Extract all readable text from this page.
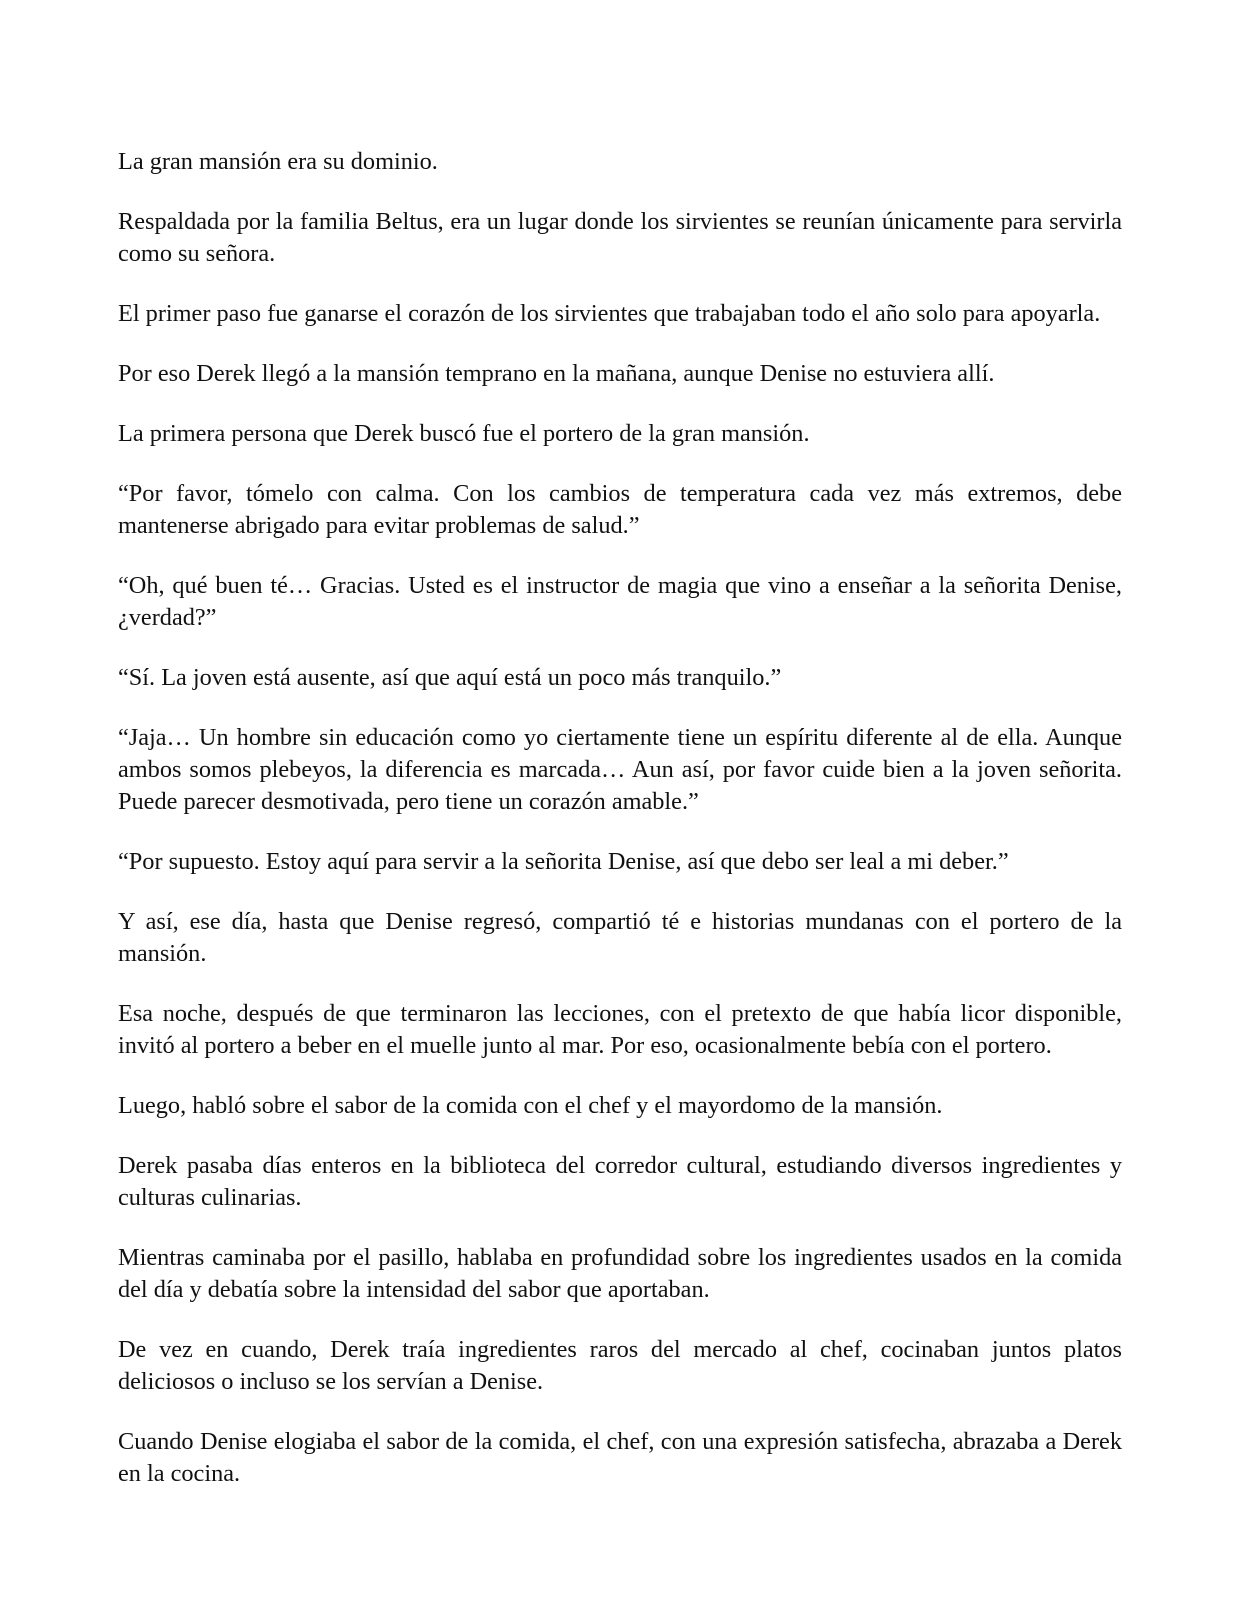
La gran mansión era su dominio.

Respaldada por la familia Beltus, era un lugar donde los sirvientes se reunían únicamente para servirla como su señora.

El primer paso fue ganarse el corazón de los sirvientes que trabajaban todo el año solo para apoyarla.

Por eso Derek llegó a la mansión temprano en la mañana, aunque Denise no estuviera allí.

La primera persona que Derek buscó fue el portero de la gran mansión.

“Por favor, tómelo con calma. Con los cambios de temperatura cada vez más extremos, debe mantenerse abrigado para evitar problemas de salud.”

“Oh, qué buen té… Gracias. Usted es el instructor de magia que vino a enseñar a la señorita Denise, ¿verdad?”

“Sí. La joven está ausente, así que aquí está un poco más tranquilo.”

“Jaja… Un hombre sin educación como yo ciertamente tiene un espíritu diferente al de ella. Aunque ambos somos plebeyos, la diferencia es marcada… Aun así, por favor cuide bien a la joven señorita. Puede parecer desmotivada, pero tiene un corazón amable.”

“Por supuesto. Estoy aquí para servir a la señorita Denise, así que debo ser leal a mi deber.”

Y así, ese día, hasta que Denise regresó, compartió té e historias mundanas con el portero de la mansión.

Esa noche, después de que terminaron las lecciones, con el pretexto de que había licor disponible, invitó al portero a beber en el muelle junto al mar. Por eso, ocasionalmente bebía con el portero.

Luego, habló sobre el sabor de la comida con el chef y el mayordomo de la mansión.

Derek pasaba días enteros en la biblioteca del corredor cultural, estudiando diversos ingredientes y culturas culinarias.

Mientras caminaba por el pasillo, hablaba en profundidad sobre los ingredientes usados en la comida del día y debatía sobre la intensidad del sabor que aportaban.

De vez en cuando, Derek traía ingredientes raros del mercado al chef, cocinaban juntos platos deliciosos o incluso se los servían a Denise.

Cuando Denise elogiaba el sabor de la comida, el chef, con una expresión satisfecha, abrazaba a Derek en la cocina.
